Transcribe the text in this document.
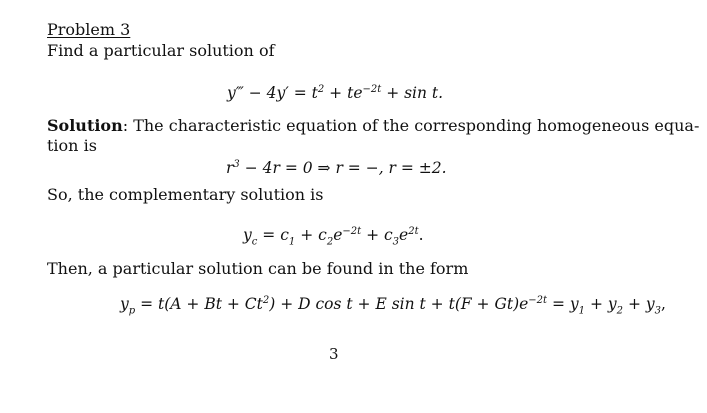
Problem 3
Find a particular solution of
y‴ − $4y' = t^2 + te^{-2t} + \sin t$.
Solution: The characteristic equation of the corresponding homogeneous equa-
tion is
$r^3 - 4r = 0$ ⇒ r = −, r = ±2.
So, the complementary solution is
$y_c = c_1 + c_2e^{-2t} + c_3e^{2t}$.
Then, a particular solution can be found in the form
$y_p = t(A + Bt + Ct^2) + D$ cos t + E $\sin t + t(F + Gt)e^{-2t} = y_1 + y_2 + y_3$,
3
